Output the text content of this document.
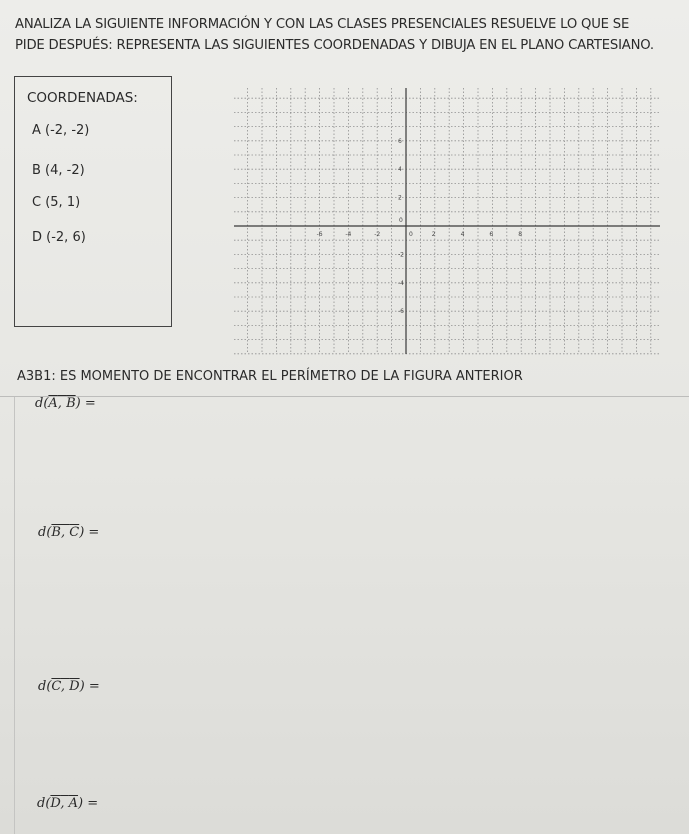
ANALIZA LA SIGUIENTE INFORMACIÓN Y CON LAS CLASES PRESENCIALES RESUELVE LO QUE SE
PIDE DESPUÉS: REPRESENTA LAS SIGUIENTES COORDENADAS Y DIBUJA EN EL PLANO CARTESIANO.
COORDENADAS:
A (-2, -2)
B (4, -2)
C (5, 1)
D (-2, 6)	-6	-4	-2	0	2	4	6	8
6
4
2
0
-2
-4
-6
A3B1: ES MOMENTO DE ENCONTRAR EL PERÍMETRO DE LA FIGURA ANTERIOR
d(A, B) =
d(B, C) =
d(C, D) =
d(D, A) =
